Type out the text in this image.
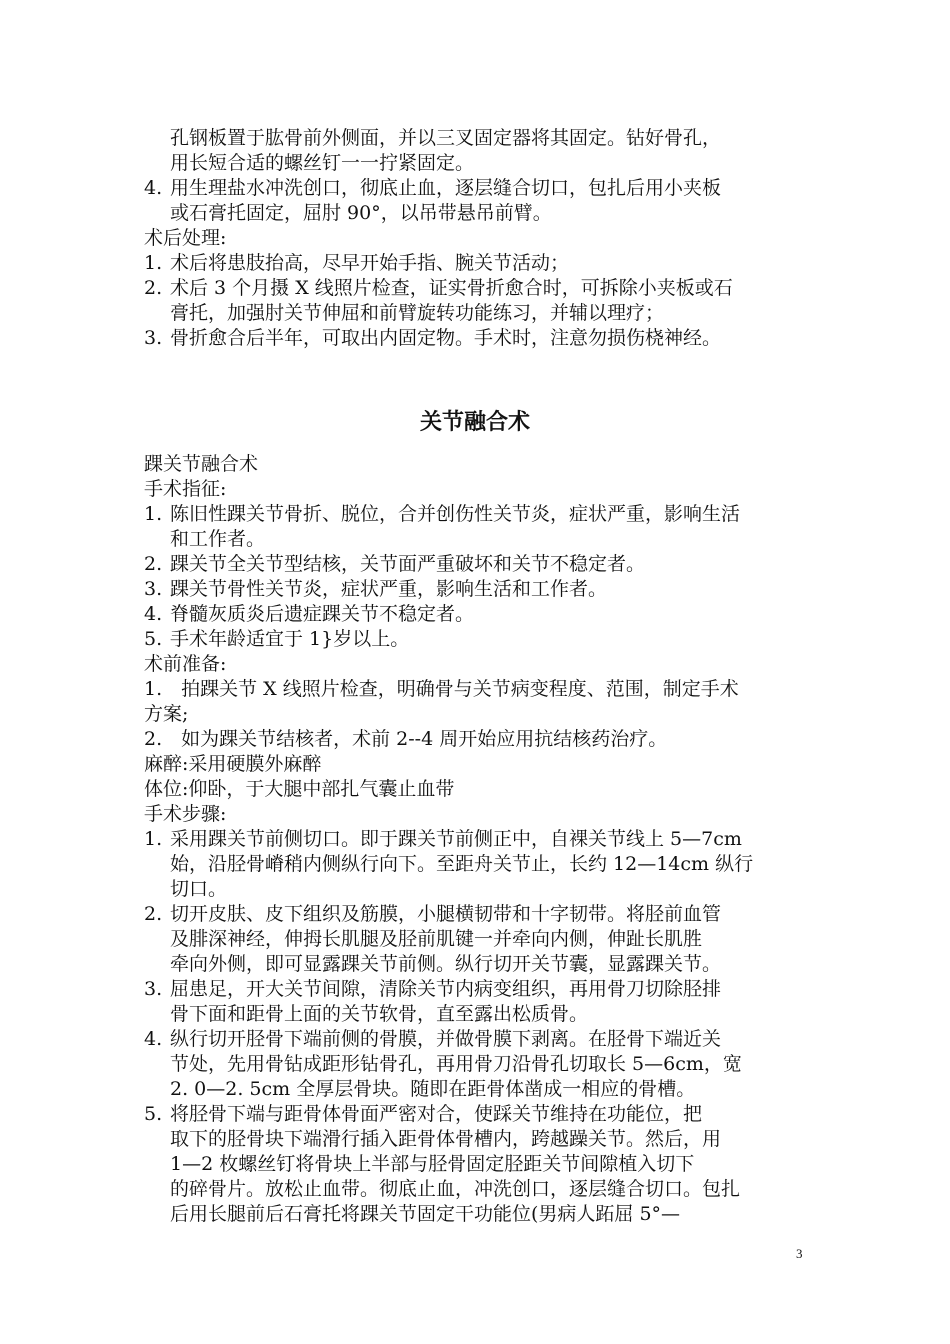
孔钢板置于肱骨前外侧面，并以三叉固定器将其固定。钻好骨孔，
用长短合适的螺丝钉一一拧紧固定。
4. 用生理盐水冲洗创口，彻底止血，逐层缝合切口，包扎后用小夹板
或石膏托固定，屈肘 90°，以吊带悬吊前臂。
术后处理:
1. 术后将患肢抬高，尽早开始手指、腕关节活动；
2. 术后 3 个月摄 X 线照片检查，证实骨折愈合时，可拆除小夹板或石
膏托，加强肘关节伸屈和前臂旋转功能练习，并辅以理疗；
3. 骨折愈合后半年，可取出内固定物。手术时，注意勿损伤桡神经。
关节融合术
踝关节融合术
手术指征:
1. 陈旧性踝关节骨折、脱位，合并创伤性关节炎，症状严重，影响生活
和工作者。
2. 踝关节全关节型结核，关节面严重破坏和关节不稳定者。
3. 踝关节骨性关节炎，症状严重，影响生活和工作者。
4. 脊髓灰质炎后遗症踝关节不稳定者。
5. 手术年龄适宜于 1}岁以上。
术前准备:
1.　拍踝关节 X 线照片检查，明确骨与关节病变程度、范围，制定手术
方案;
2.　如为踝关节结核者，术前 2--4 周开始应用抗结核药治疗。
麻醉:采用硬膜外麻醉
体位:仰卧，于大腿中部扎气囊止血带
手术步骤:
1. 采用踝关节前侧切口。即于踝关节前侧正中，自裸关节线上 5—7cm
始，沿胫骨嵴稍内侧纵行向下。至距舟关节止，长约 12—14cm 纵行
切口。
2. 切开皮肤、皮下组织及筋膜，小腿横韧带和十字韧带。将胫前血管
及腓深神经，伸拇长肌腿及胫前肌键一并牵向内侧，伸趾长肌胜
牵向外侧，即可显露踝关节前侧。纵行切开关节囊，显露踝关节。
3. 屈患足，开大关节间隙，清除关节内病变组织，再用骨刀切除胫排
骨下面和距骨上面的关节软骨，直至露出松质骨。
4. 纵行切开胫骨下端前侧的骨膜，并做骨膜下剥离。在胫骨下端近关
节处，先用骨钻成距形钻骨孔，再用骨刀沿骨孔切取长 5—6cm，宽
2. 0—2. 5cm 全厚层骨块。随即在距骨体凿成一相应的骨槽。
5. 将胫骨下端与距骨体骨面严密对合，使踩关节维持在功能位，把
取下的胫骨块下端滑行插入距骨体骨槽内，跨越躁关节。然后，用
1—2 枚螺丝钉将骨块上半部与胫骨固定胫距关节间隙植入切下
的碎骨片。放松止血带。彻底止血，冲洗创口，逐层缝合切口。包扎
后用长腿前后石膏托将踝关节固定干功能位(男病人跖屈 5°—
3
